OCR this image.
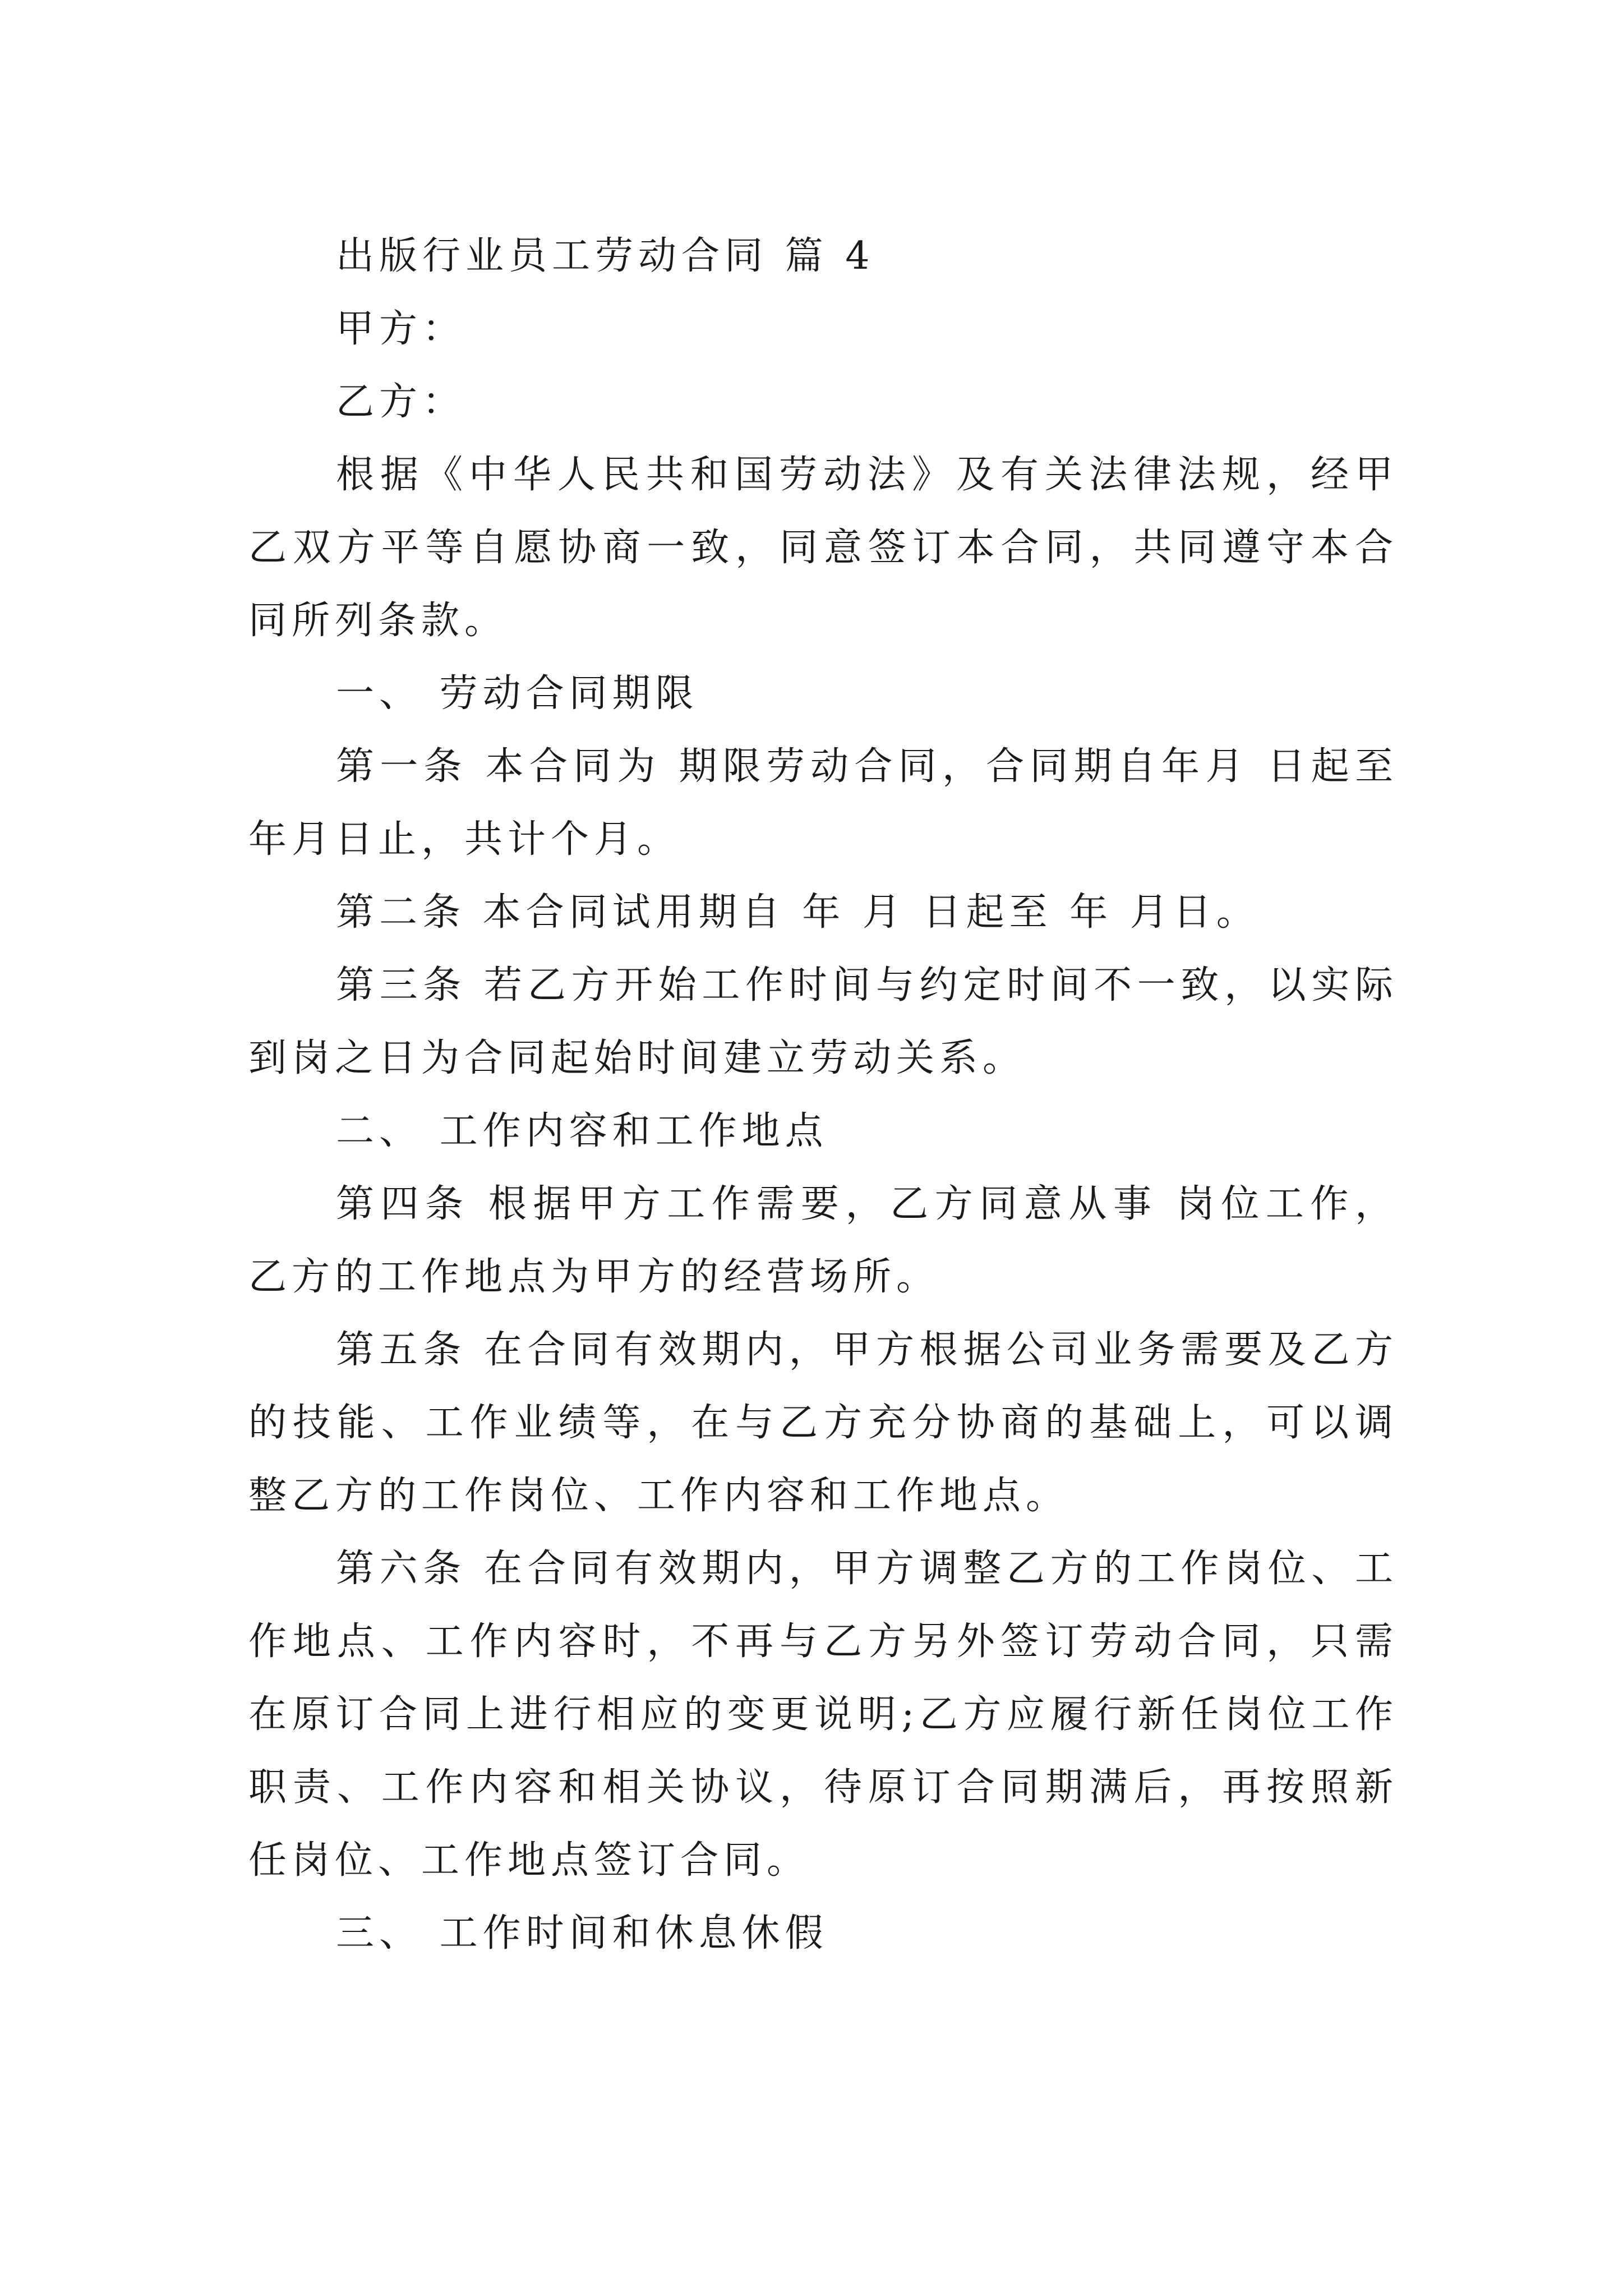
出版行业员工劳动合同 篇 4

甲方：

乙方：

根据《中华人民共和国劳动法》及有关法律法规，经甲乙双方平等自愿协商一致，同意签订本合同，共同遵守本合同所列条款。

一、 劳动合同期限

第一条 本合同为 期限劳动合同，合同期自年月 日起至 年月日止，共计个月。

第二条 本合同试用期自 年 月 日起至 年 月日。

第三条 若乙方开始工作时间与约定时间不一致，以实际到岗之日为合同起始时间建立劳动关系。

二、 工作内容和工作地点

第四条 根据甲方工作需要，乙方同意从事 岗位工作，乙方的工作地点为甲方的经营场所。

第五条 在合同有效期内，甲方根据公司业务需要及乙方的技能、工作业绩等，在与乙方充分协商的基础上，可以调整乙方的工作岗位、工作内容和工作地点。

第六条 在合同有效期内，甲方调整乙方的工作岗位、工作地点、工作内容时，不再与乙方另外签订劳动合同，只需在原订合同上进行相应的变更说明;乙方应履行新任岗位工作职责、工作内容和相关协议，待原订合同期满后，再按照新任岗位、工作地点签订合同。

三、 工作时间和休息休假
